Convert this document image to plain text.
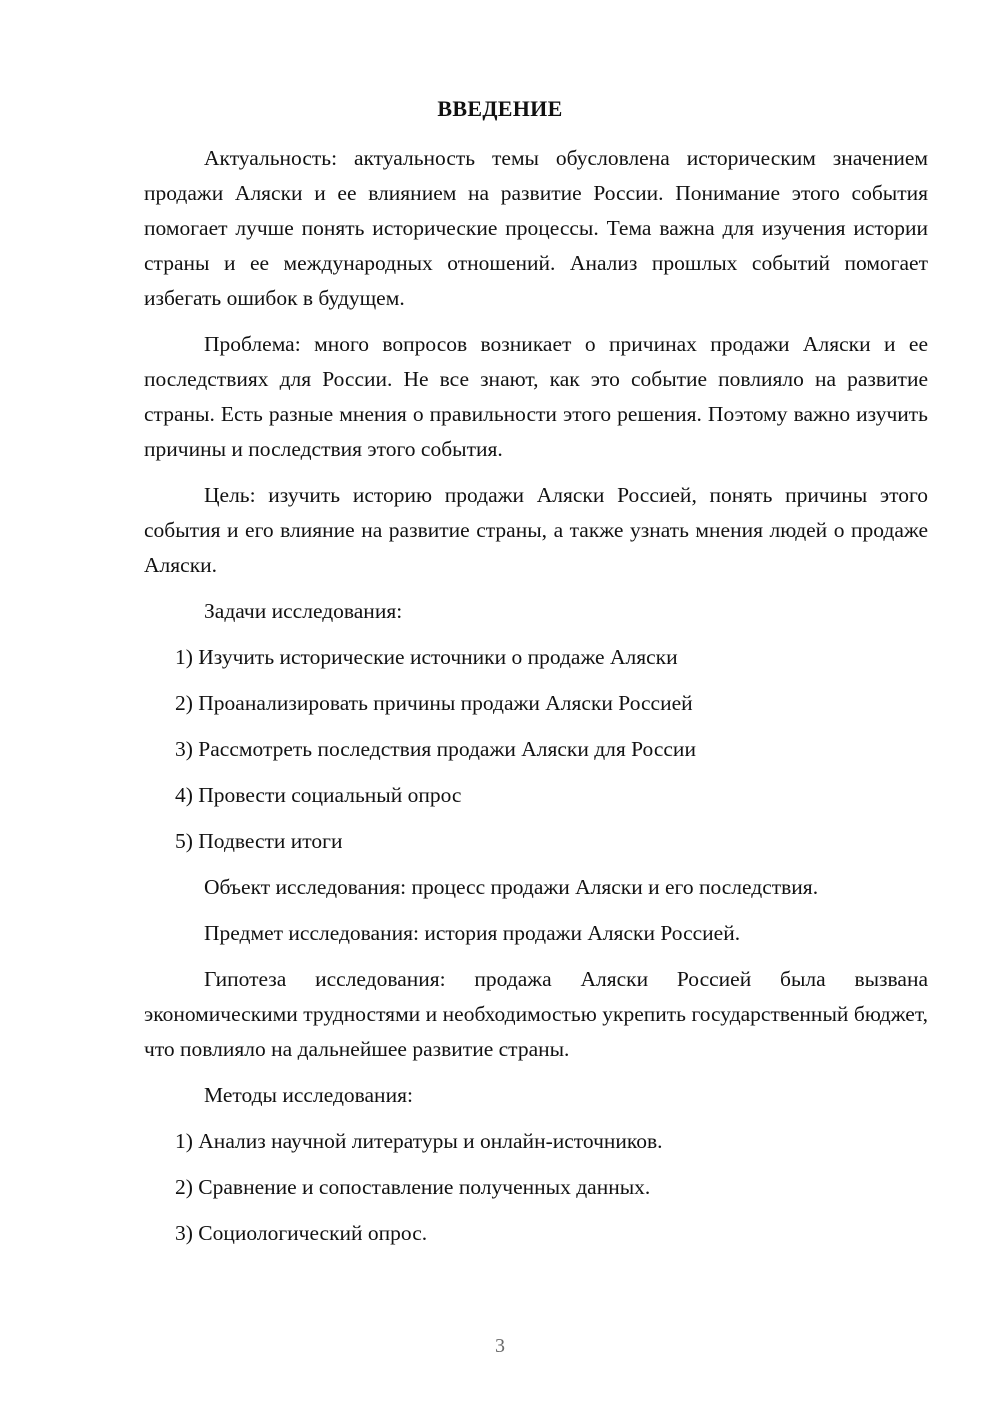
ВВЕДЕНИЕ

Актуальность: актуальность темы обусловлена историческим значением продажи Аляски и ее влиянием на развитие России. Понимание этого события помогает лучше понять исторические процессы. Тема важна для изучения истории страны и ее международных отношений. Анализ прошлых событий помогает избегать ошибок в будущем.

Проблема: много вопросов возникает о причинах продажи Аляски и ее последствиях для России. Не все знают, как это событие повлияло на развитие страны. Есть разные мнения о правильности этого решения. Поэтому важно изучить причины и последствия этого события.

Цель: изучить историю продажи Аляски Россией, понять причины этого события и его влияние на развитие страны, а также узнать мнения людей о продаже Аляски.

Задачи исследования:

1) Изучить исторические источники о продаже Аляски

2) Проанализировать причины продажи Аляски Россией

3) Рассмотреть последствия продажи Аляски для России

4) Провести социальный опрос

5) Подвести итоги

Объект исследования: процесс продажи Аляски и его последствия.

Предмет исследования: история продажи Аляски Россией.

Гипотеза исследования: продажа Аляски Россией была вызвана экономическими трудностями и необходимостью укрепить государственный бюджет, что повлияло на дальнейшее развитие страны.

Методы исследования:

1) Анализ научной литературы и онлайн-источников.

2) Сравнение и сопоставление полученных данных.

3) Социологический опрос.

3
